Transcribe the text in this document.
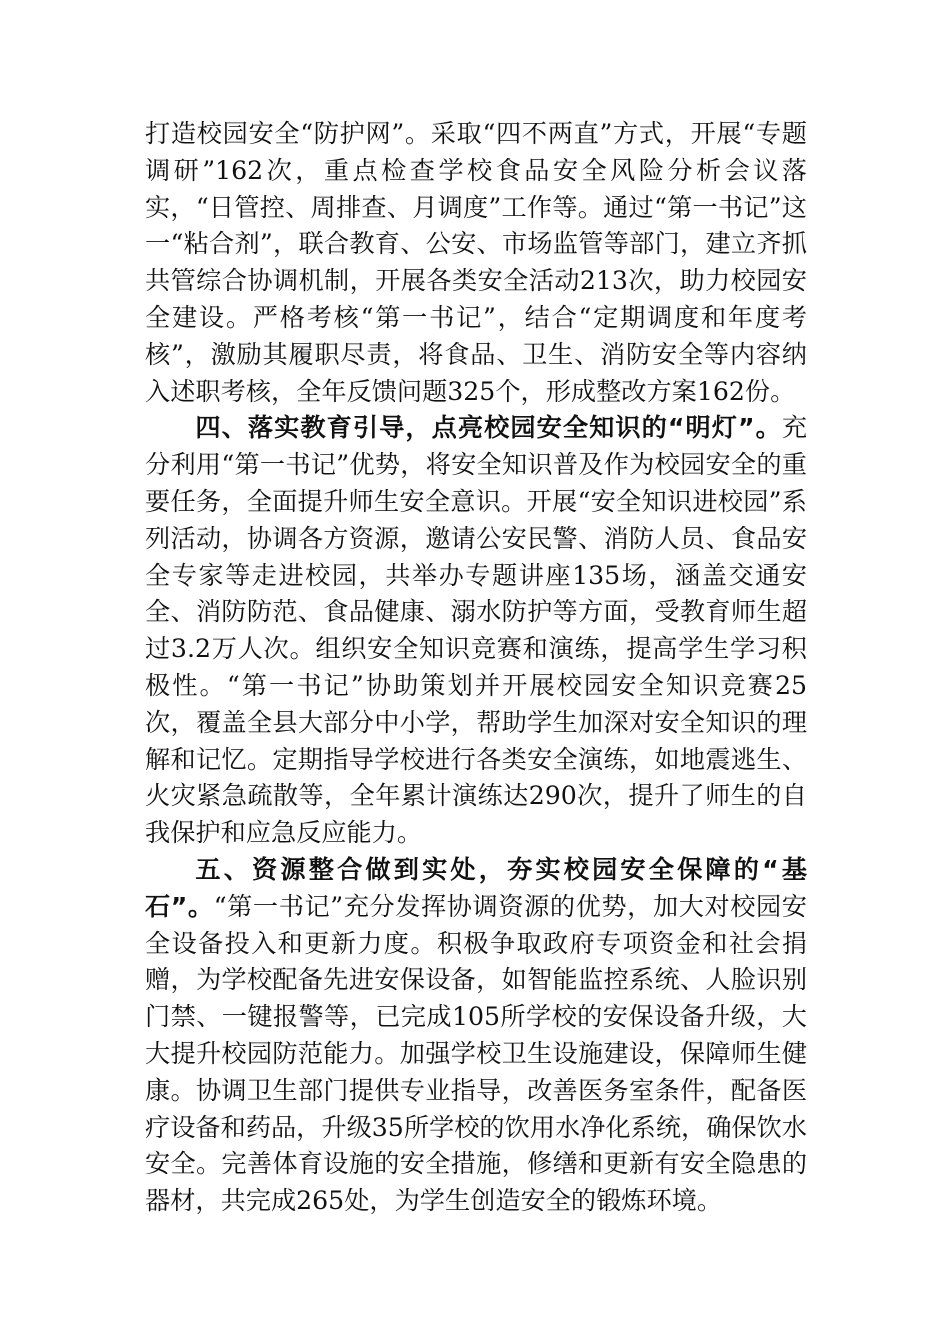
打造校园安全“防护网”。采取“四不两直”方式，开展“专题调研”162次，重点检查学校食品安全风险分析会议落实，“日管控、周排查、月调度”工作等。通过“第一书记”这一“粘合剂”，联合教育、公安、市场监管等部门，建立齐抓共管综合协调机制，开展各类安全活动213次，助力校园安全建设。严格考核“第一书记”，结合“定期调度和年度考核”，激励其履职尽责，将食品、卫生、消防安全等内容纳入述职考核，全年反馈问题325个，形成整改方案162份。

四、落实教育引导，点亮校园安全知识的“明灯”。充分利用“第一书记”优势，将安全知识普及作为校园安全的重要任务，全面提升师生安全意识。开展“安全知识进校园”系列活动，协调各方资源，邀请公安民警、消防人员、食品安全专家等走进校园，共举办专题讲座135场，涵盖交通安全、消防防范、食品健康、溺水防护等方面，受教育师生超过3.2万人次。组织安全知识竞赛和演练，提高学生学习积极性。“第一书记”协助策划并开展校园安全知识竞赛25次，覆盖全县大部分中小学，帮助学生加深对安全知识的理解和记忆。定期指导学校进行各类安全演练，如地震逃生、火灾紧急疏散等，全年累计演练达290次，提升了师生的自我保护和应急反应能力。

五、资源整合做到实处，夯实校园安全保障的“基石”。“第一书记”充分发挥协调资源的优势，加大对校园安全设备投入和更新力度。积极争取政府专项资金和社会捐赠，为学校配备先进安保设备，如智能监控系统、人脸识别门禁、一键报警等，已完成105所学校的安保设备升级，大大提升校园防范能力。加强学校卫生设施建设，保障师生健康。协调卫生部门提供专业指导，改善医务室条件，配备医疗设备和药品，升级35所学校的饮用水净化系统，确保饮水安全。完善体育设施的安全措施，修缮和更新有安全隐患的器材，共完成265处，为学生创造安全的锻炼环境。
